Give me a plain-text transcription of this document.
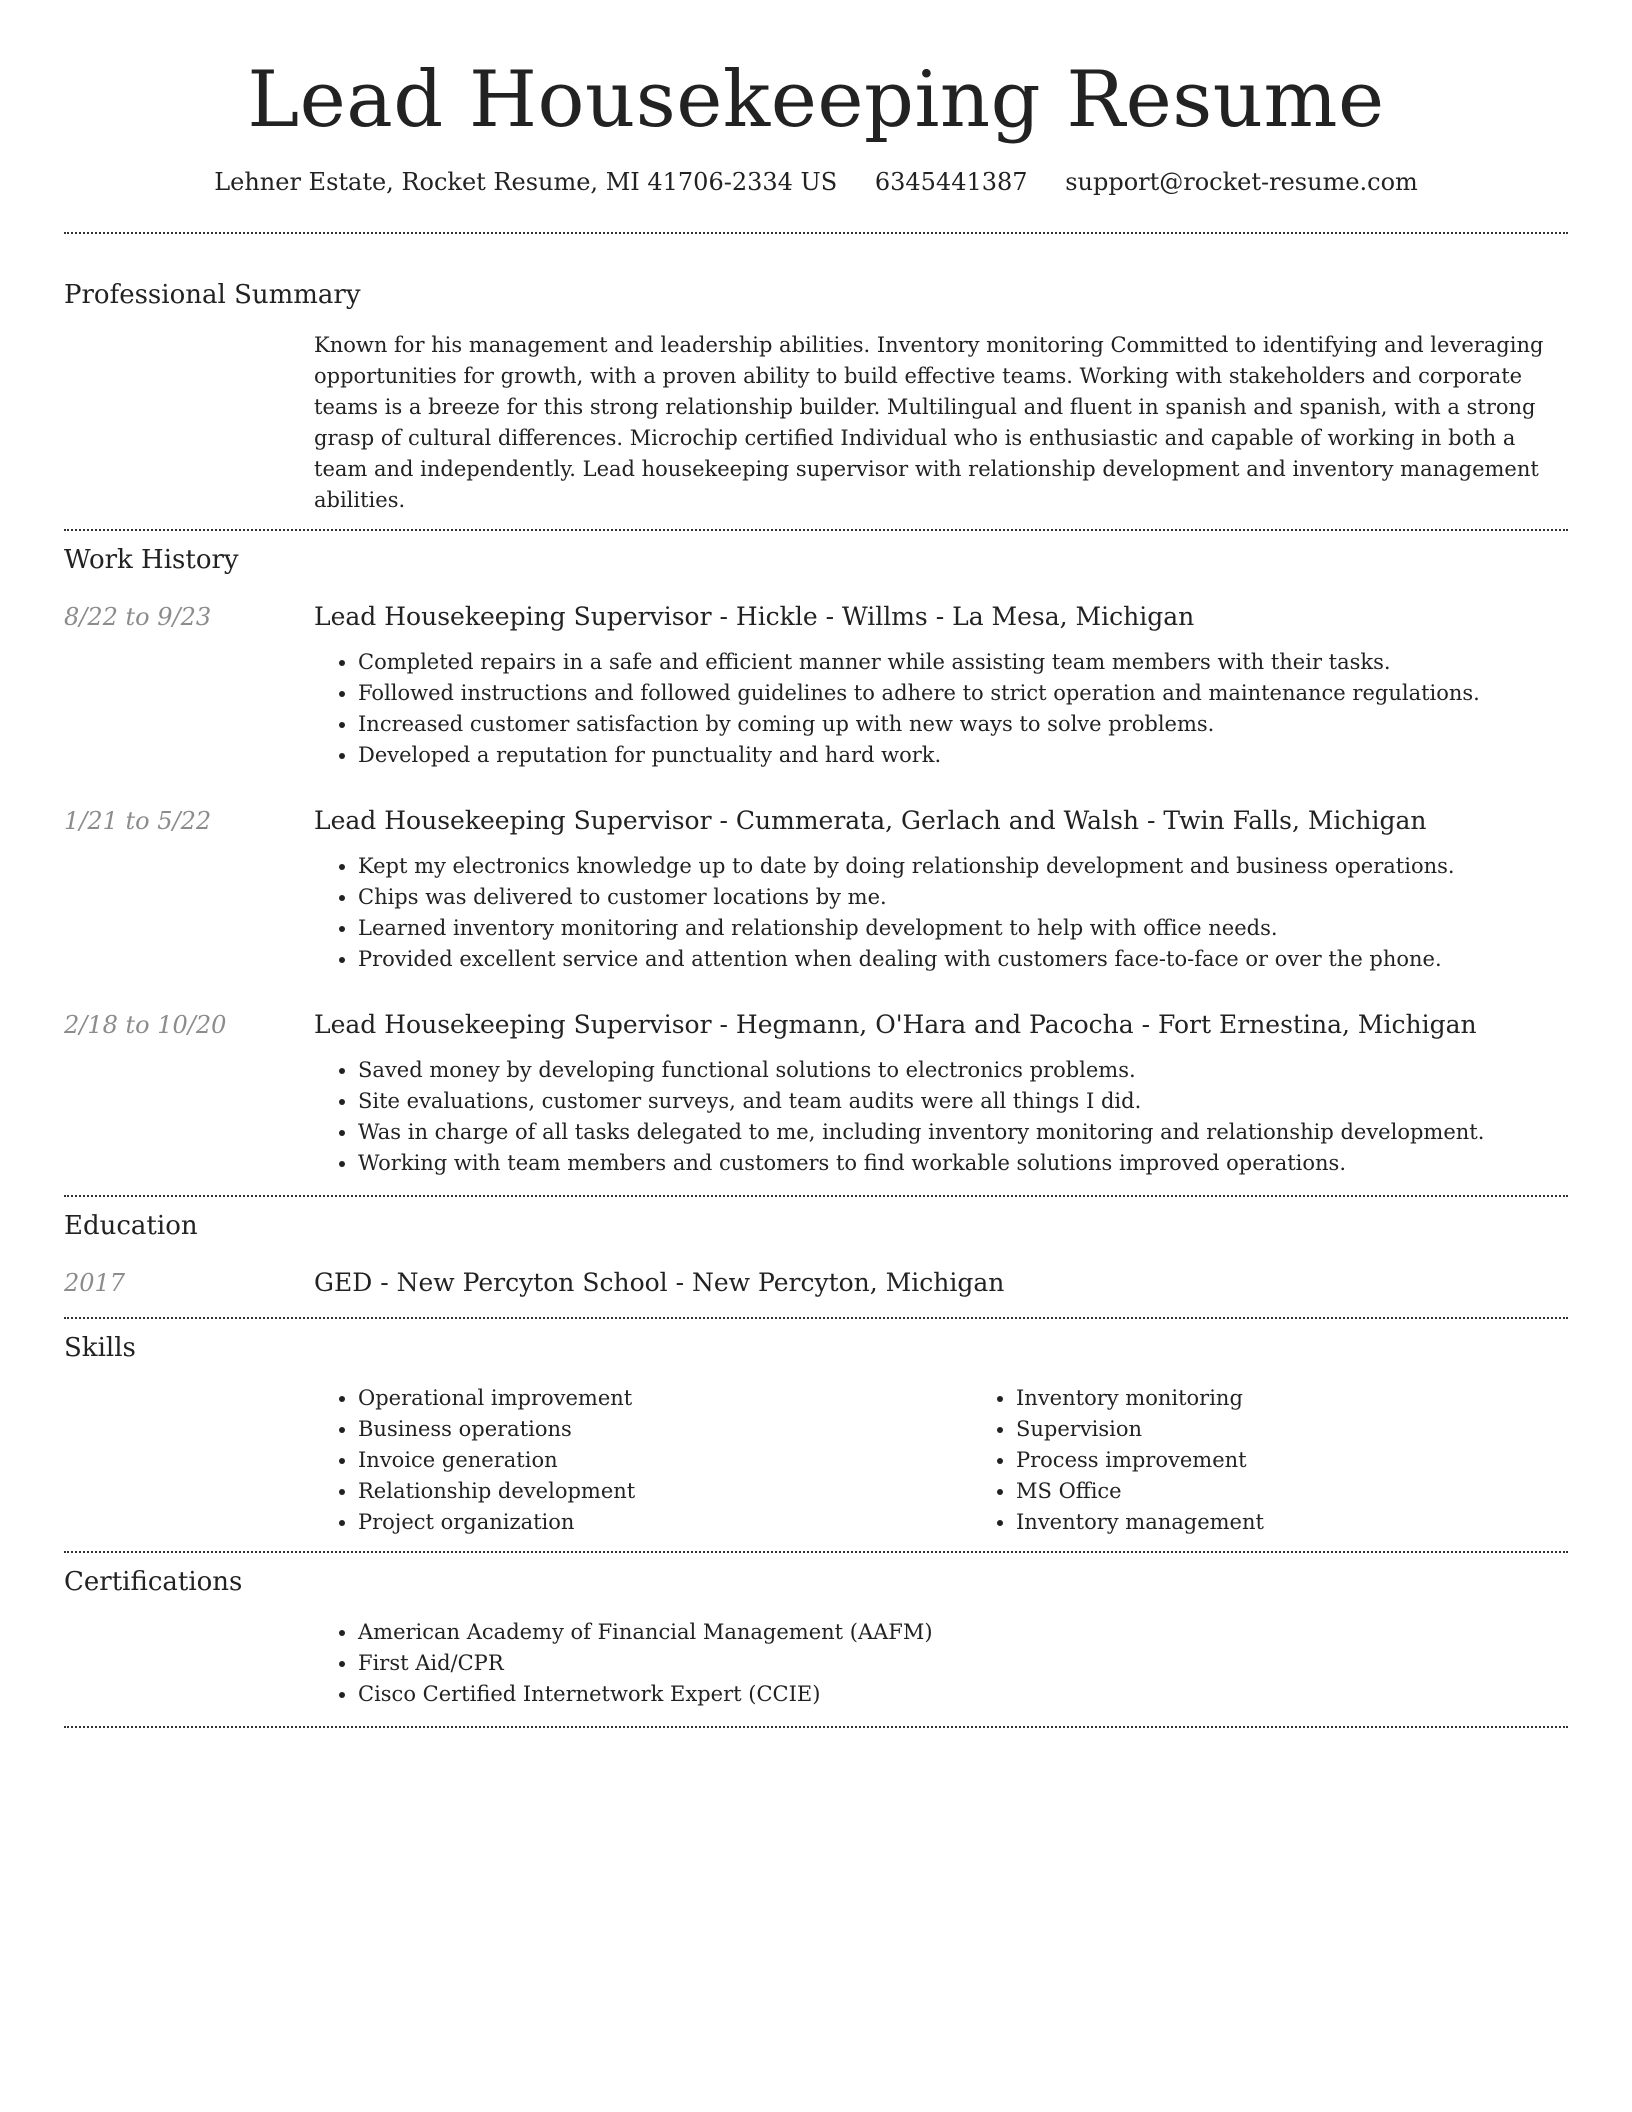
Lead Housekeeping Resume
Lehner Estate, Rocket Resume, MI 41706-2334 US 6345441387 support@rocket-resume.com
Professional Summary

Known for his management and leadership abilities. Inventory monitoring Committed to identifying and leveraging opportunities for growth, with a proven ability to build effective teams. Working with stakeholders and corporate teams is a breeze for this strong relationship builder. Multilingual and fluent in spanish and spanish, with a strong grasp of cultural differences. Microchip certified Individual who is enthusiastic and capable of working in both a team and independently. Lead housekeeping supervisor with relationship development and inventory management abilities.

Work History
8/22 to 9/23	Lead Housekeeping Supervisor - Hickle - Willms - La Mesa, Michigan
• Completed repairs in a safe and efficient manner while assisting team members with their tasks.
• Followed instructions and followed guidelines to adhere to strict operation and maintenance regulations.
• Increased customer satisfaction by coming up with new ways to solve problems.
• Developed a reputation for punctuality and hard work.
1/21 to 5/22	Lead Housekeeping Supervisor - Cummerata, Gerlach and Walsh - Twin Falls, Michigan
• Kept my electronics knowledge up to date by doing relationship development and business operations.
• Chips was delivered to customer locations by me.
• Learned inventory monitoring and relationship development to help with office needs.
• Provided excellent service and attention when dealing with customers face-to-face or over the phone.
2/18 to 10/20	Lead Housekeeping Supervisor - Hegmann, O'Hara and Pacocha - Fort Ernestina, Michigan
• Saved money by developing functional solutions to electronics problems.
• Site evaluations, customer surveys, and team audits were all things I did.
• Was in charge of all tasks delegated to me, including inventory monitoring and relationship development.
• Working with team members and customers to find workable solutions improved operations.
Education
2017	GED - New Percyton School - New Percyton, Michigan
Skills
• Operational improvement
• Business operations
• Invoice generation
• Relationship development
• Project organization
• Inventory monitoring
• Supervision
• Process improvement
• MS Office
• Inventory management
Certifications
• American Academy of Financial Management (AAFM)
• First Aid/CPR
• Cisco Certified Internetwork Expert (CCIE)
